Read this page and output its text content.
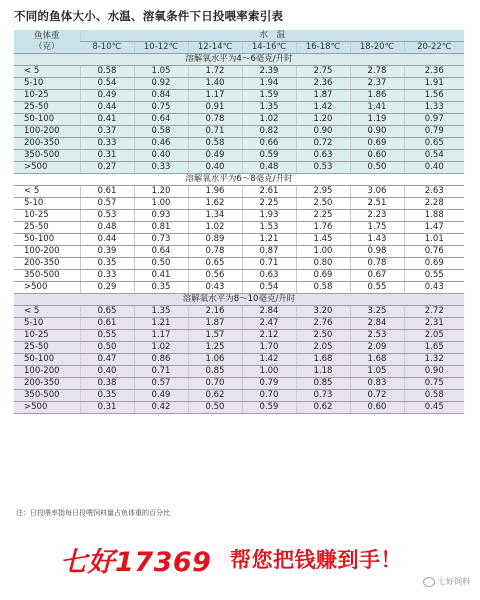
不同的鱼体大小、水温、溶氧条件下日投喂率索引表
鱼体重
（克）	水　温						
	8-10℃	10-12℃	12-14℃	14-16℃	16-18℃	18-20℃	20-22℃
溶解氧水平为4～6毫克/升时							
< 5	0.58	1.05	1.72	2.39	2.75	2.78	2.36
5-10	0.54	0.92	1.40	1.94	2.36	2.37	1.91
10-25	0.49	0.84	1.17	1.59	1.87	1.86	1.56
25-50	0.44	0.75	0.91	1.35	1.42	1.41	1.33
50-100	0.41	0.64	0.78	1.02	1.20	1.19	0.97
100-200	0.37	0.58	0.71	0.82	0.90	0.90	0.79
200-350	0.33	0.46	0.58	0.66	0.72	0.69	0.65
350-500	0.31	0.40	0.49	0.59	0.63	0.60	0.54
>500	0.27	0.33	0.40	0.48	0.53	0.50	0.40
溶解氧水平为6～8毫克/升时							
< 5	0.61	1.20	1.96	2.61	2.95	3.06	2.63
5-10	0.57	1.00	1.62	2.25	2.50	2.51	2.28
10-25	0.53	0.93	1.34	1.93	2.25	2.23	1.88
25-50	0.48	0.81	1.02	1.53	1.76	1.75	1.47
50-100	0.44	0.73	0.89	1.21	1.45	1.43	1.01
100-200	0.39	0.64	0.78	0.87	1.00	0.98	0.76
200-350	0.35	0.50	0.65	0.71	0.80	0.78	0.69
350-500	0.33	0.41	0.56	0.63	0.69	0.67	0.55
>500	0.29	0.35	0.43	0.54	0.58	0.55	0.43
溶解氧水平为8～10毫克/升时							
< 5	0.65	1.35	2.16	2.84	3.20	3.25	2.72
5-10	0.61	1.21	1.87	2.47	2.76	2.84	2.31
10-25	0.55	1.17	1.57	2.12	2.50	2.53	2.05
25-50	0.50	1.02	1.25	1.70	2.05	2.09	1.65
50-100	0.47	0.86	1.06	1.42	1.68	1.68	1.32
100-200	0.40	0.71	0.85	1.00	1.18	1.05	0.90
200-350	0.38	0.57	0.70	0.79	0.85	0.83	0.75
350-500	0.35	0.49	0.62	0.70	0.73	0.72	0.58
>500	0.31	0.42	0.50	0.59	0.62	0.60	0.45
注：日投喂率指每日投喂饲料量占鱼体重的百分比
七好17369 帮您把钱赚到手！
七好饲料
